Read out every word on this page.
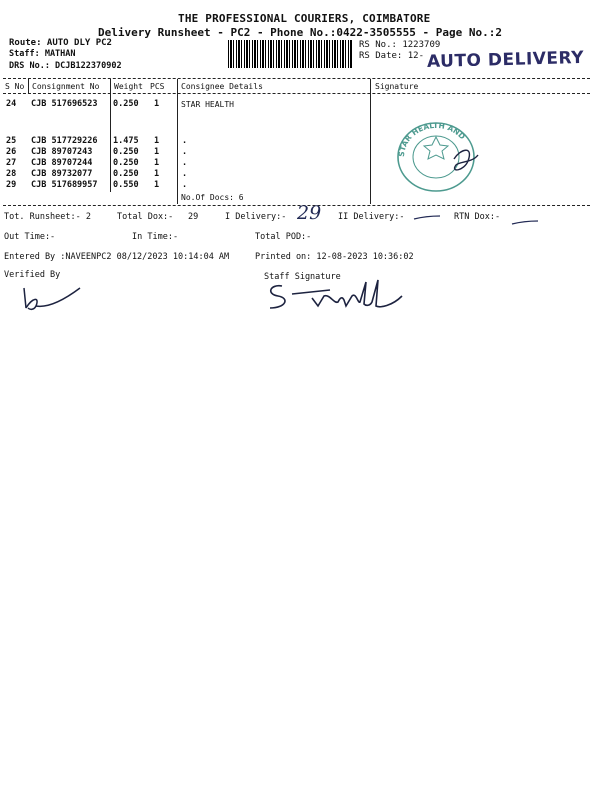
THE PROFESSIONAL COURIERS, COIMBATORE
Delivery Runsheet - PC2 - Phone No.:0422-3505555 - Page No.:2
Route: AUTO DLY PC2
Staff: MATHAN
DRS No.: DCJB122370902
RS No.: 1223709
RS Date: 12- AUTO DELIVERY
S No Consignment No Weight PCS Consignee Details	Signature
24 CJB 517696523 0.250 1	STAR HEALTH
25 CJB 517729226 1.475 1	.
26 CJB 89707243 0.250 1	.
27 CJB 89707244 0.250 1	.
28 CJB 89732077 0.250 1	.
29 CJB 517689957 0.550 1	.
No.Of Docs: 6
STAR HEALTH AND
Tot. Runsheet:- 2	Total Dox:- 29	I Delivery:- 29 II Delivery:-	RTN Dox:-
Out Time:-	In Time:-	Total POD:-
Entered By :NAVEENPC2 08/12/2023 10:14:04 AM	Printed on: 12-08-2023 10:36:02
Verified By	Staff Signature
